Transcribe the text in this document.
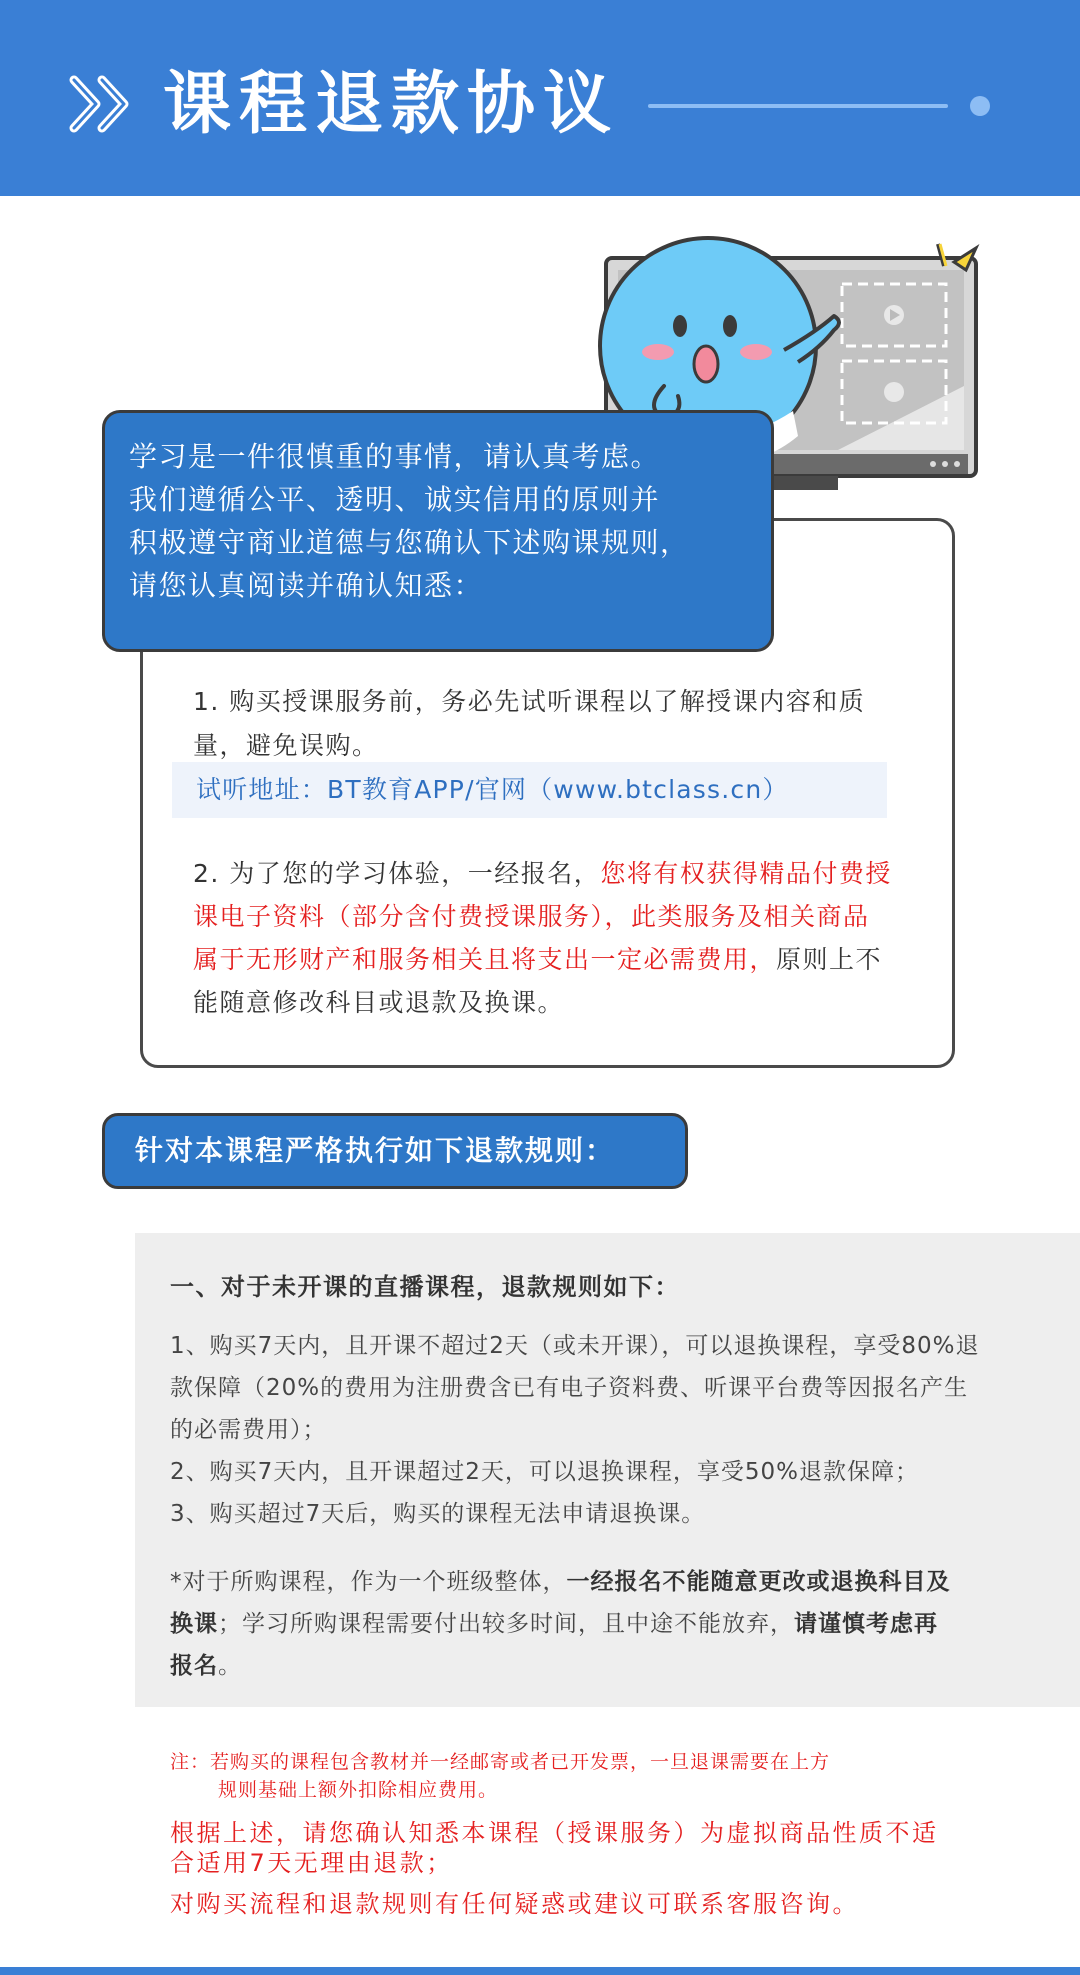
课程退款协议

学习是一件很慎重的事情，请认真考虑。

我们遵循公平、透明、诚实信用的原则并

积极遵守商业道德与您确认下述购课规则，

请您认真阅读并确认知悉：

1. 购买授课服务前，务必先试听课程以了解授课内容和质量，避免误购。
试听地址：BT教育APP/官网（www.btclass.cn）
2. 为了您的学习体验，一经报名，您将有权获得精品付费授课电子资料（部分含付费授课服务），此类服务及相关商品属于无形财产和服务相关且将支出一定必需费用，原则上不能随意修改科目或退款及换课。
针对本课程严格执行如下退款规则：
一、对于未开课的直播课程，退款规则如下：
1、购买7天内，且开课不超过2天（或未开课），可以退换课程，享受80%退款保障（20%的费用为注册费含已有电子资料费、听课平台费等因报名产生的必需费用）；
2、购买7天内，且开课超过2天，可以退换课程，享受50%退款保障；
3、购买超过7天后，购买的课程无法申请退换课。
*对于所购课程，作为一个班级整体，一经报名不能随意更改或退换科目及换课；学习所购课程需要付出较多时间，且中途不能放弃，请谨慎考虑再报名。
注：若购买的课程包含教材并一经邮寄或者已开发票，一旦退课需要在上方
规则基础上额外扣除相应费用。
根据上述，请您确认知悉本课程（授课服务）为虚拟商品性质不适合适用7天无理由退款；
对购买流程和退款规则有任何疑惑或建议可联系客服咨询。
